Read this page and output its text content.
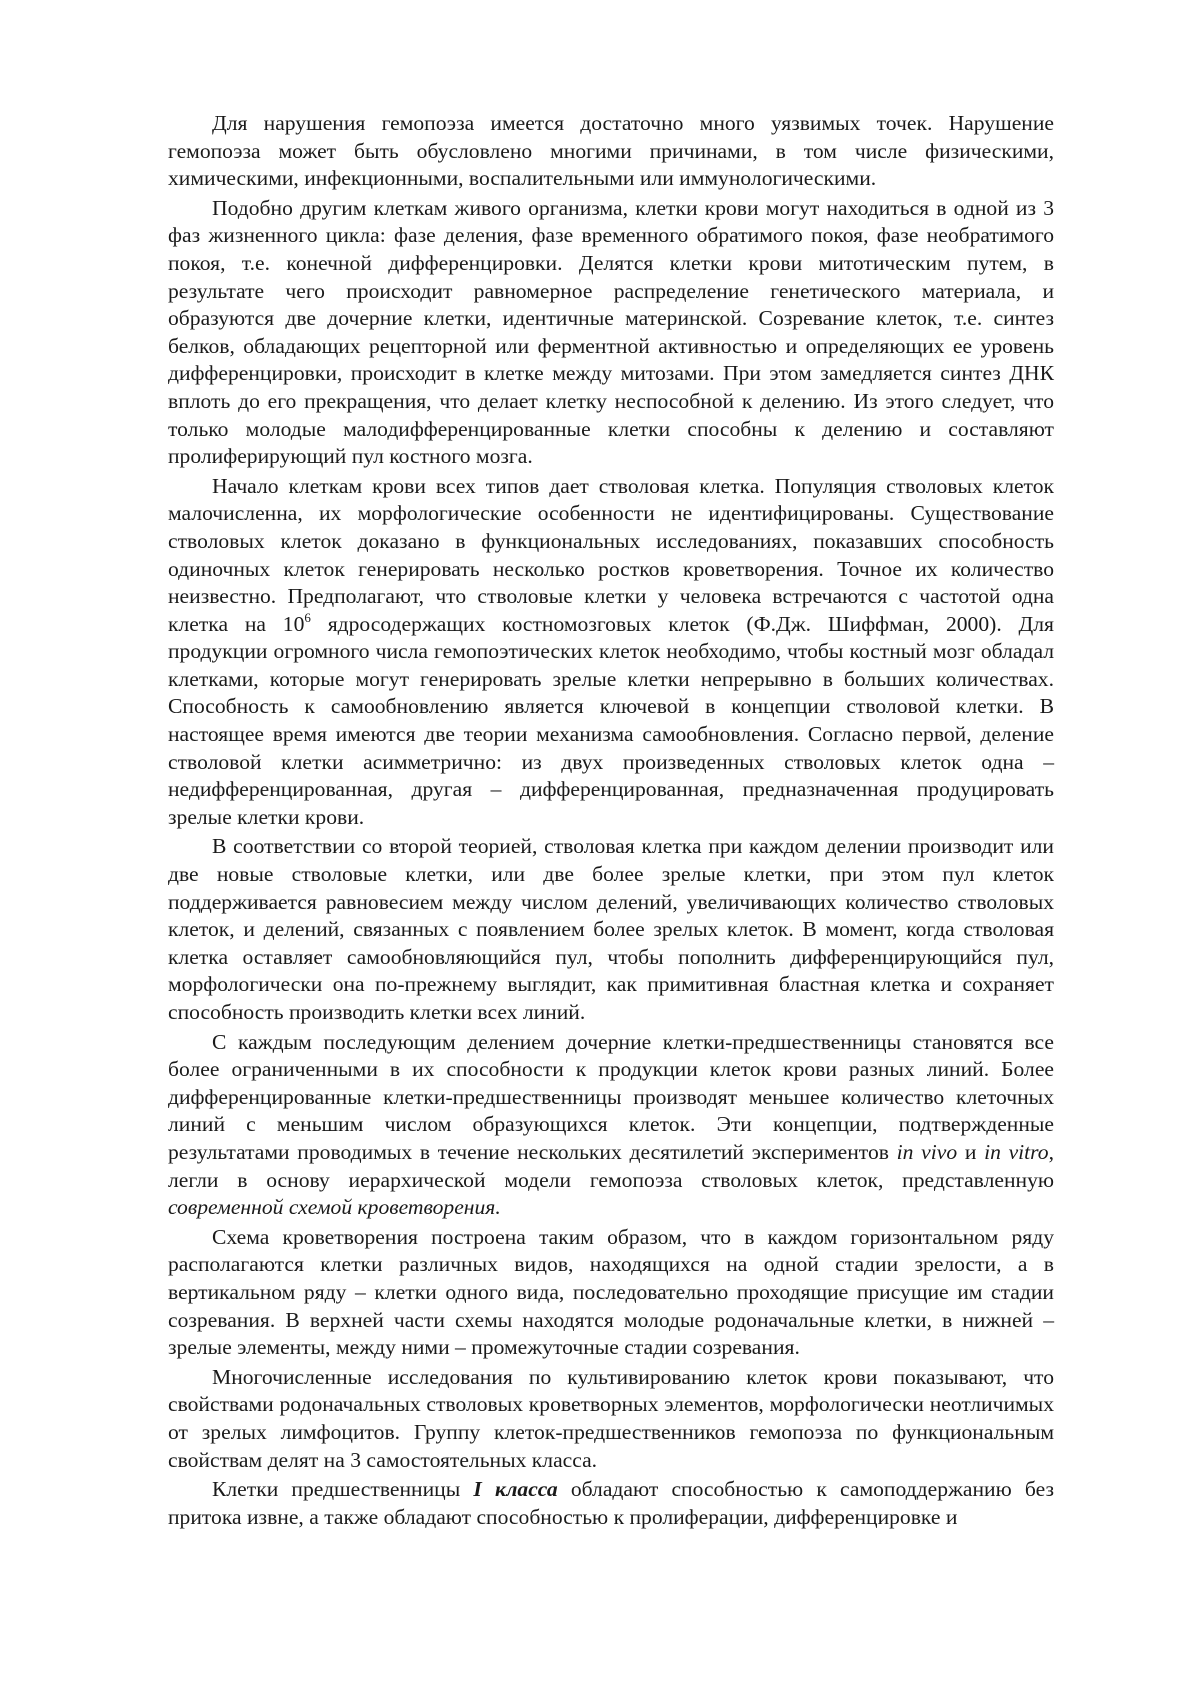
Для нарушения гемопоэза имеется достаточно много уязвимых точек. Нарушение гемопоэза может быть обусловлено многими причинами, в том числе физическими, химическими, инфекционными, воспалительными или иммунологическими.

Подобно другим клеткам живого организма, клетки крови могут находиться в одной из 3 фаз жизненного цикла: фазе деления, фазе временного обратимого покоя, фазе необратимого покоя, т.е. конечной дифференцировки. Делятся клетки крови митотическим путем, в результате чего происходит равномерное распределение генетического материала, и образуются две дочерние клетки, идентичные материнской. Созревание клеток, т.е. синтез белков, обладающих рецепторной или ферментной активностью и определяющих ее уровень дифференцировки, происходит в клетке между митозами. При этом замедляется синтез ДНК вплоть до его прекращения, что делает клетку неспособной к делению. Из этого следует, что только молодые малодифференцированные клетки способны к делению и составляют пролиферирующий пул костного мозга.

Начало клеткам крови всех типов дает стволовая клетка. Популяция стволовых клеток малочисленна, их морфологические особенности не идентифицированы. Существование стволовых клеток доказано в функциональных исследованиях, показавших способность одиночных клеток генерировать несколько ростков кроветворения. Точное их количество неизвестно. Предполагают, что стволовые клетки у человека встречаются с частотой одна клетка на $10^6$ ядросодержащих костномозговых клеток (Ф.Дж. Шиффман, 2000). Для продукции огромного числа гемопоэтических клеток необходимо, чтобы костный мозг обладал клетками, которые могут генерировать зрелые клетки непрерывно в больших количествах. Способность к самообновлению является ключевой в концепции стволовой клетки. В настоящее время имеются две теории механизма самообновления. Согласно первой, деление стволовой клетки асимметрично: из двух произведенных стволовых клеток одна – недифференцированная, другая – дифференцированная, предназначенная продуцировать зрелые клетки крови.

В соответствии со второй теорией, стволовая клетка при каждом делении производит или две новые стволовые клетки, или две более зрелые клетки, при этом пул клеток поддерживается равновесием между числом делений, увеличивающих количество стволовых клеток, и делений, связанных с появлением более зрелых клеток. В момент, когда стволовая клетка оставляет самообновляющийся пул, чтобы пополнить дифференцирующийся пул, морфологически она по-прежнему выглядит, как примитивная бластная клетка и сохраняет способность производить клетки всех линий.

С каждым последующим делением дочерние клетки-предшественницы становятся все более ограниченными в их способности к продукции клеток крови разных линий. Более дифференцированные клетки-предшественницы производят меньшее количество клеточных линий с меньшим числом образующихся клеток. Эти концепции, подтвержденные результатами проводимых в течение нескольких десятилетий экспериментов in vivo и in vitro, легли в основу иерархической модели гемопоэза стволовых клеток, представленную современной схемой кроветворения.

Схема кроветворения построена таким образом, что в каждом горизонтальном ряду располагаются клетки различных видов, находящихся на одной стадии зрелости, а в вертикальном ряду – клетки одного вида, последовательно проходящие присущие им стадии созревания. В верхней части схемы находятся молодые родоначальные клетки, в нижней – зрелые элементы, между ними – промежуточные стадии созревания.

Многочисленные исследования по культивированию клеток крови показывают, что свойствами родоначальных стволовых кроветворных элементов, морфологически неотличимых от зрелых лимфоцитов. Группу клеток-предшественников гемопоэза по функциональным свойствам делят на 3 самостоятельных класса.

Клетки предшественницы I класса обладают способностью к самоподдержанию без притока извне, а также обладают способностью к пролиферации, дифференцировке и
